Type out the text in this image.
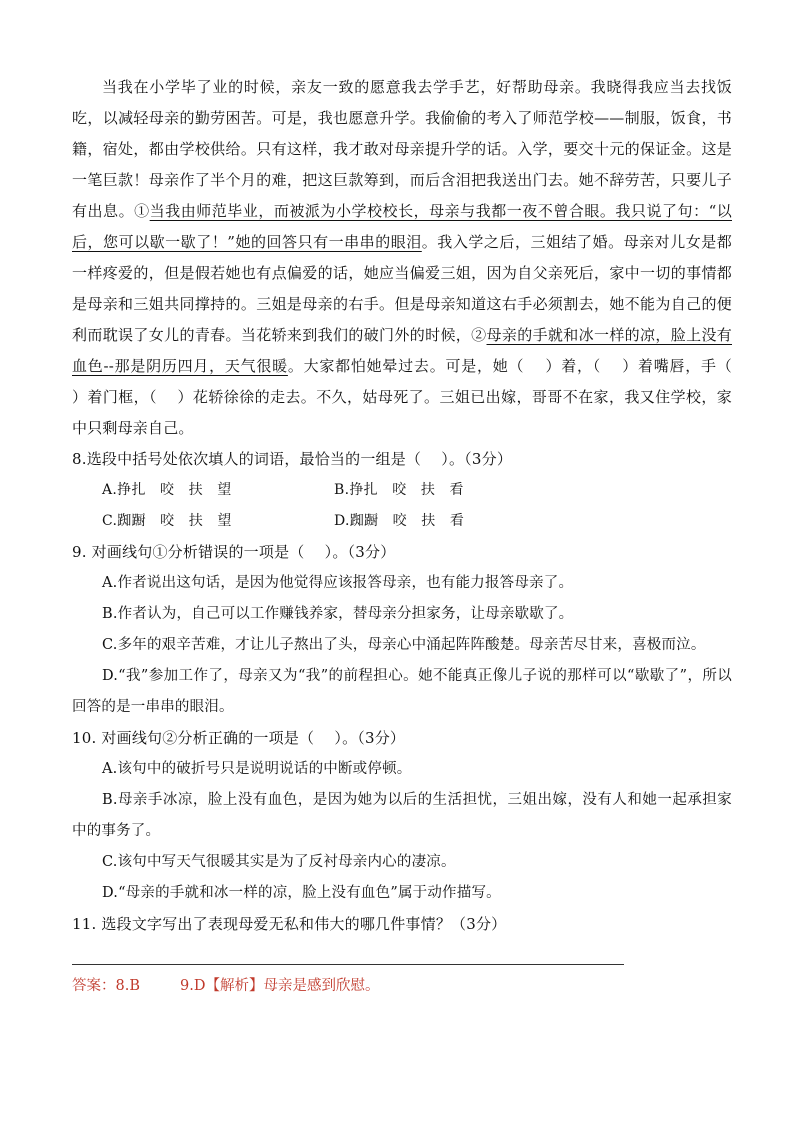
当我在小学毕了业的时候，亲友一致的愿意我去学手艺，好帮助母亲。我晓得我应当去找饭吃，以减轻母亲的勤劳困苦。可是，我也愿意升学。我偷偷的考入了师范学校——制服，饭食，书籍，宿处，都由学校供给。只有这样，我才敢对母亲提升学的话。入学，要交十元的保证金。这是一笔巨款！母亲作了半个月的难，把这巨款筹到，而后含泪把我送出门去。她不辞劳苦，只要儿子有出息。①当我由师范毕业，而被派为小学校校长，母亲与我都一夜不曾合眼。我只说了句：“以后，您可以歇一歇了！”她的回答只有一串串的眼泪。我入学之后，三姐结了婚。母亲对儿女是都一样疼爱的，但是假若她也有点偏爱的话，她应当偏爱三姐，因为自父亲死后，家中一切的事情都是母亲和三姐共同撑持的。三姐是母亲的右手。但是母亲知道这右手必须割去，她不能为自己的便利而耽误了女儿的青春。当花轿来到我们的破门外的时候，②母亲的手就和冰一样的凉，脸上没有血色--那是阴历四月，天气很暖。大家都怕她晕过去。可是，她（　 ）着，（　 ）着嘴唇，手（　 ）着门框，（　 ）花轿徐徐的走去。不久，姑母死了。三姐已出嫁，哥哥不在家，我又住学校，家中只剩母亲自己。

8.选段中括号处依次填人的词语，最恰当的一组是（　 ）。（3分）

A.挣扎　咬　扶　望	B.挣扎　咬　扶　看
C.踟蹰　咬　扶　望	D.踟蹰　咬　扶　看

9. 对画线句①分析错误的一项是（　 ）。（3分）

A.作者说出这句话，是因为他觉得应该报答母亲，也有能力报答母亲了。

B.作者认为，自己可以工作赚钱养家，替母亲分担家务，让母亲歇歇了。

C.多年的艰辛苦难，才让儿子熬出了头，母亲心中涌起阵阵酸楚。母亲苦尽甘来，喜极而泣。

D.“我”参加工作了，母亲又为“我”的前程担心。她不能真正像儿子说的那样可以“歇歇了”，所以回答的是一串串的眼泪。

10. 对画线句②分析正确的一项是（　 ）。（3分）

A.该句中的破折号只是说明说话的中断或停顿。

B.母亲手冰凉，脸上没有血色，是因为她为以后的生活担忧，三姐出嫁，没有人和她一起承担家中的事务了。

C.该句中写天气很暖其实是为了反衬母亲内心的凄凉。

D.“母亲的手就和冰一样的凉，脸上没有血色”属于动作描写。

11. 选段文字写出了表现母爱无私和伟大的哪几件事情？（3分）

答案：8.B	9.D【解析】母亲是感到欣慰。
